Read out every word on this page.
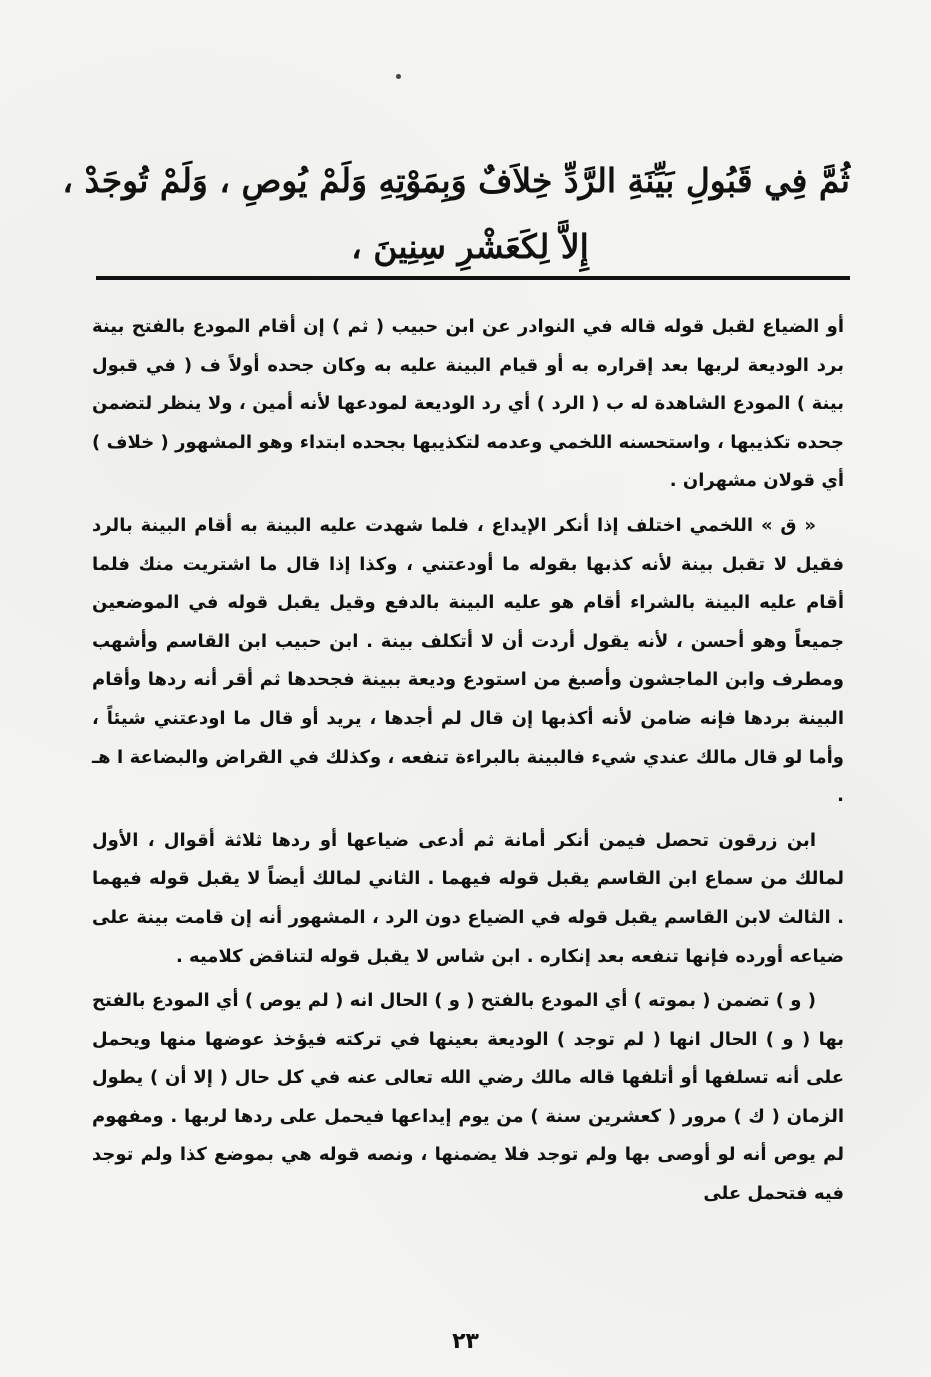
ثُمَّ فِي قَبُولِ بَيِّنَةِ الرَّدِّ خِلاَفٌ وَبِمَوْتِهِ وَلَمْ يُوصِ ، وَلَمْ تُوجَدْ ،
إِلاَّ لِكَعَشْرِ سِنِينَ ،

أو الضياع لقبل قوله قاله في النوادر عن ابن حبيب ( ثم ) إن أقام المودع بالفتح بينة برد الوديعة لربها بعد إقراره به أو قيام البينة عليه به وكان جحده أولاً ف ( في قبول بينة ) المودع الشاهدة له ب ( الرد ) أي رد الوديعة لمودعها لأنه أمين ، ولا ينظر لتضمن جحده تكذيبها ، واستحسنه اللخمي وعدمه لتكذيبها بجحده ابتداء وهو المشهور ( خلاف ) أي قولان مشهران .

« ق » اللخمي اختلف إذا أنكر الإيداع ، فلما شهدت عليه البينة به أقام البينة بالرد فقيل لا تقبل بينة لأنه كذبها بقوله ما أودعتني ، وكذا إذا قال ما اشتريت منك فلما أقام عليه البينة بالشراء أقام هو عليه البينة بالدفع وقيل يقبل قوله في الموضعين جميعاً وهو أحسن ، لأنه يقول أردت أن لا أتكلف بينة . ابن حبيب ابن القاسم وأشهب ومطرف وابن الماجشون وأصبغ من استودع وديعة ببينة فجحدها ثم أقر أنه ردها وأقام البينة بردها فإنه ضامن لأنه أكذبها إن قال لم أجدها ، يريد أو قال ما اودعتني شيئاً ، وأما لو قال مالك عندي شيء فالبينة بالبراءة تنفعه ، وكذلك في القراض والبضاعة ا هـ .

ابن زرقون تحصل فيمن أنكر أمانة ثم أدعى ضياعها أو ردها ثلاثة أقوال ، الأول لمالك من سماع ابن القاسم يقبل قوله فيهما . الثاني لمالك أيضاً لا يقبل قوله فيهما . الثالث لابن القاسم يقبل قوله في الضياع دون الرد ، المشهور أنه إن قامت بينة على ضياعه أورده فإنها تنفعه بعد إنكاره . ابن شاس لا يقبل قوله لتناقض كلاميه .

( و ) تضمن ( بموته ) أي المودع بالفتح ( و ) الحال انه ( لم يوص ) أي المودع بالفتح بها ( و ) الحال انها ( لم توجد ) الوديعة بعينها في تركته فيؤخذ عوضها منها ويحمل على أنه تسلفها أو أتلفها قاله مالك رضي الله تعالى عنه في كل حال ( إلا أن ) يطول الزمان ( ك ) مرور ( كعشرين سنة ) من يوم إيداعها فيحمل على ردها لربها . ومفهوم لم يوص أنه لو أوصى بها ولم توجد فلا يضمنها ، ونصه قوله هي بموضع كذا ولم توجد فيه فتحمل على

٢٣
